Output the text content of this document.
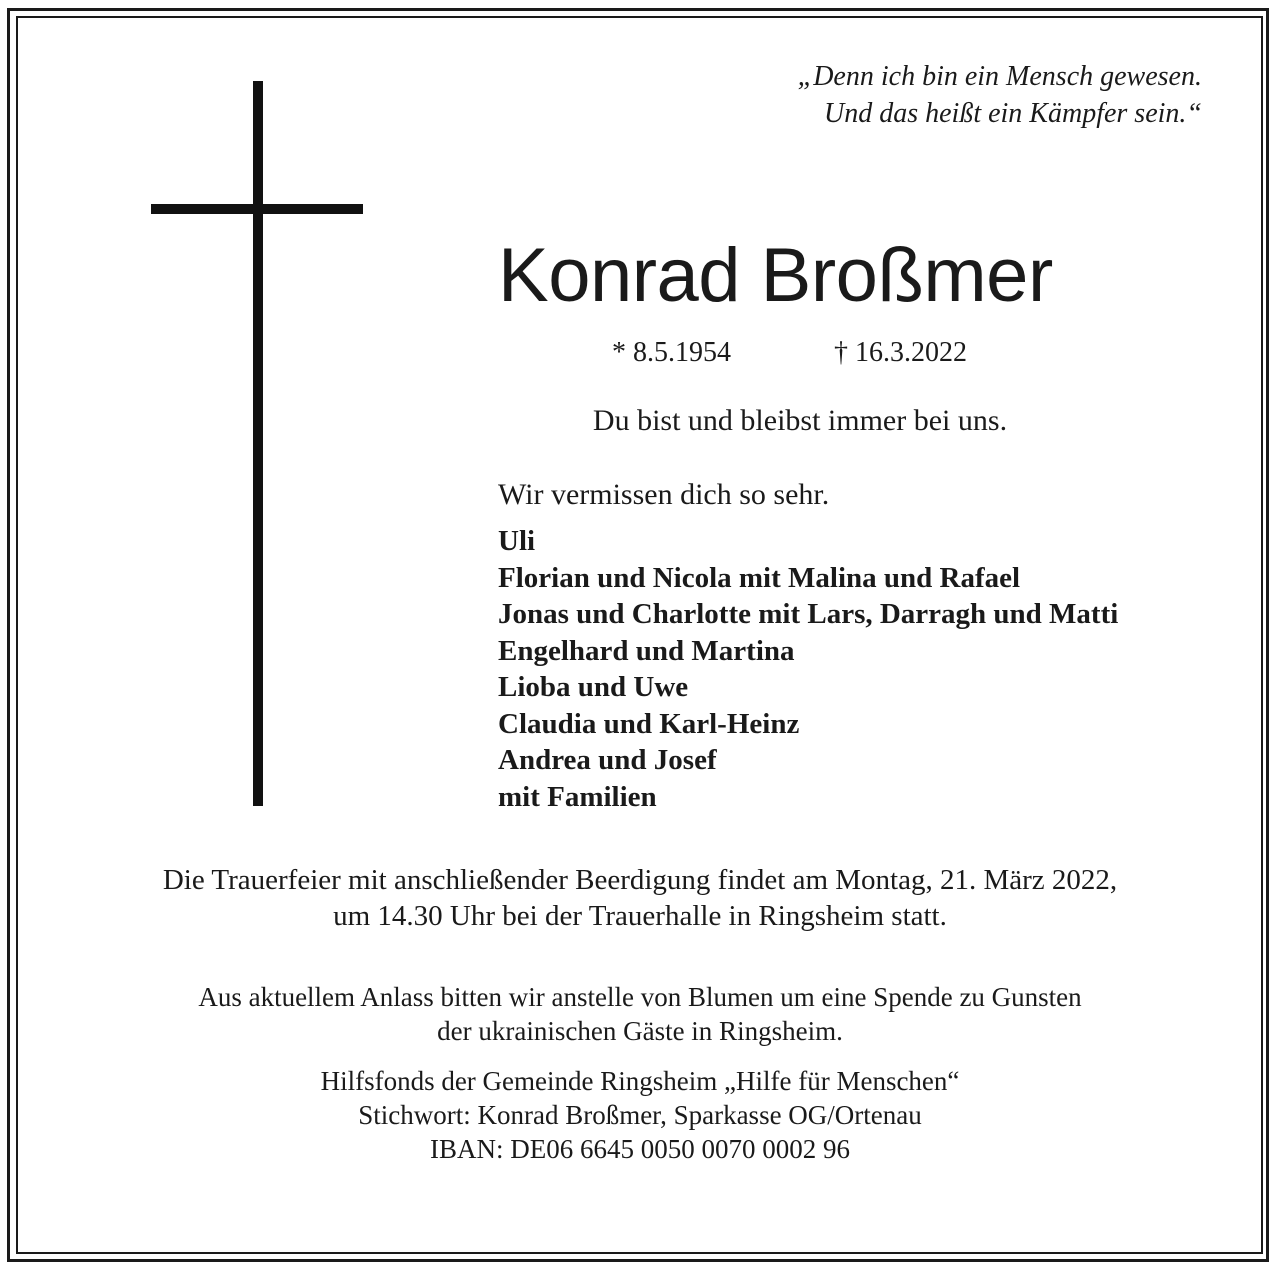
„Denn ich bin ein Mensch gewesen.
Und das heißt ein Kämpfer sein.“
Konrad Broßmer
* 8.5.1954	† 16.3.2022
Du bist und bleibst immer bei uns.
Wir vermissen dich so sehr.
Uli
Florian und Nicola mit Malina und Rafael
Jonas und Charlotte mit Lars, Darragh und Matti
Engelhard und Martina
Lioba und Uwe
Claudia und Karl-Heinz
Andrea und Josef
mit Familien
Die Trauerfeier mit anschließender Beerdigung findet am Montag, 21. März 2022,
um 14.30 Uhr bei der Trauerhalle in Ringsheim statt.
Aus aktuellem Anlass bitten wir anstelle von Blumen um eine Spende zu Gunsten
der ukrainischen Gäste in Ringsheim.
Hilfsfonds der Gemeinde Ringsheim „Hilfe für Menschen“
Stichwort: Konrad Broßmer, Sparkasse OG/Ortenau
IBAN: DE06 6645 0050 0070 0002 96
